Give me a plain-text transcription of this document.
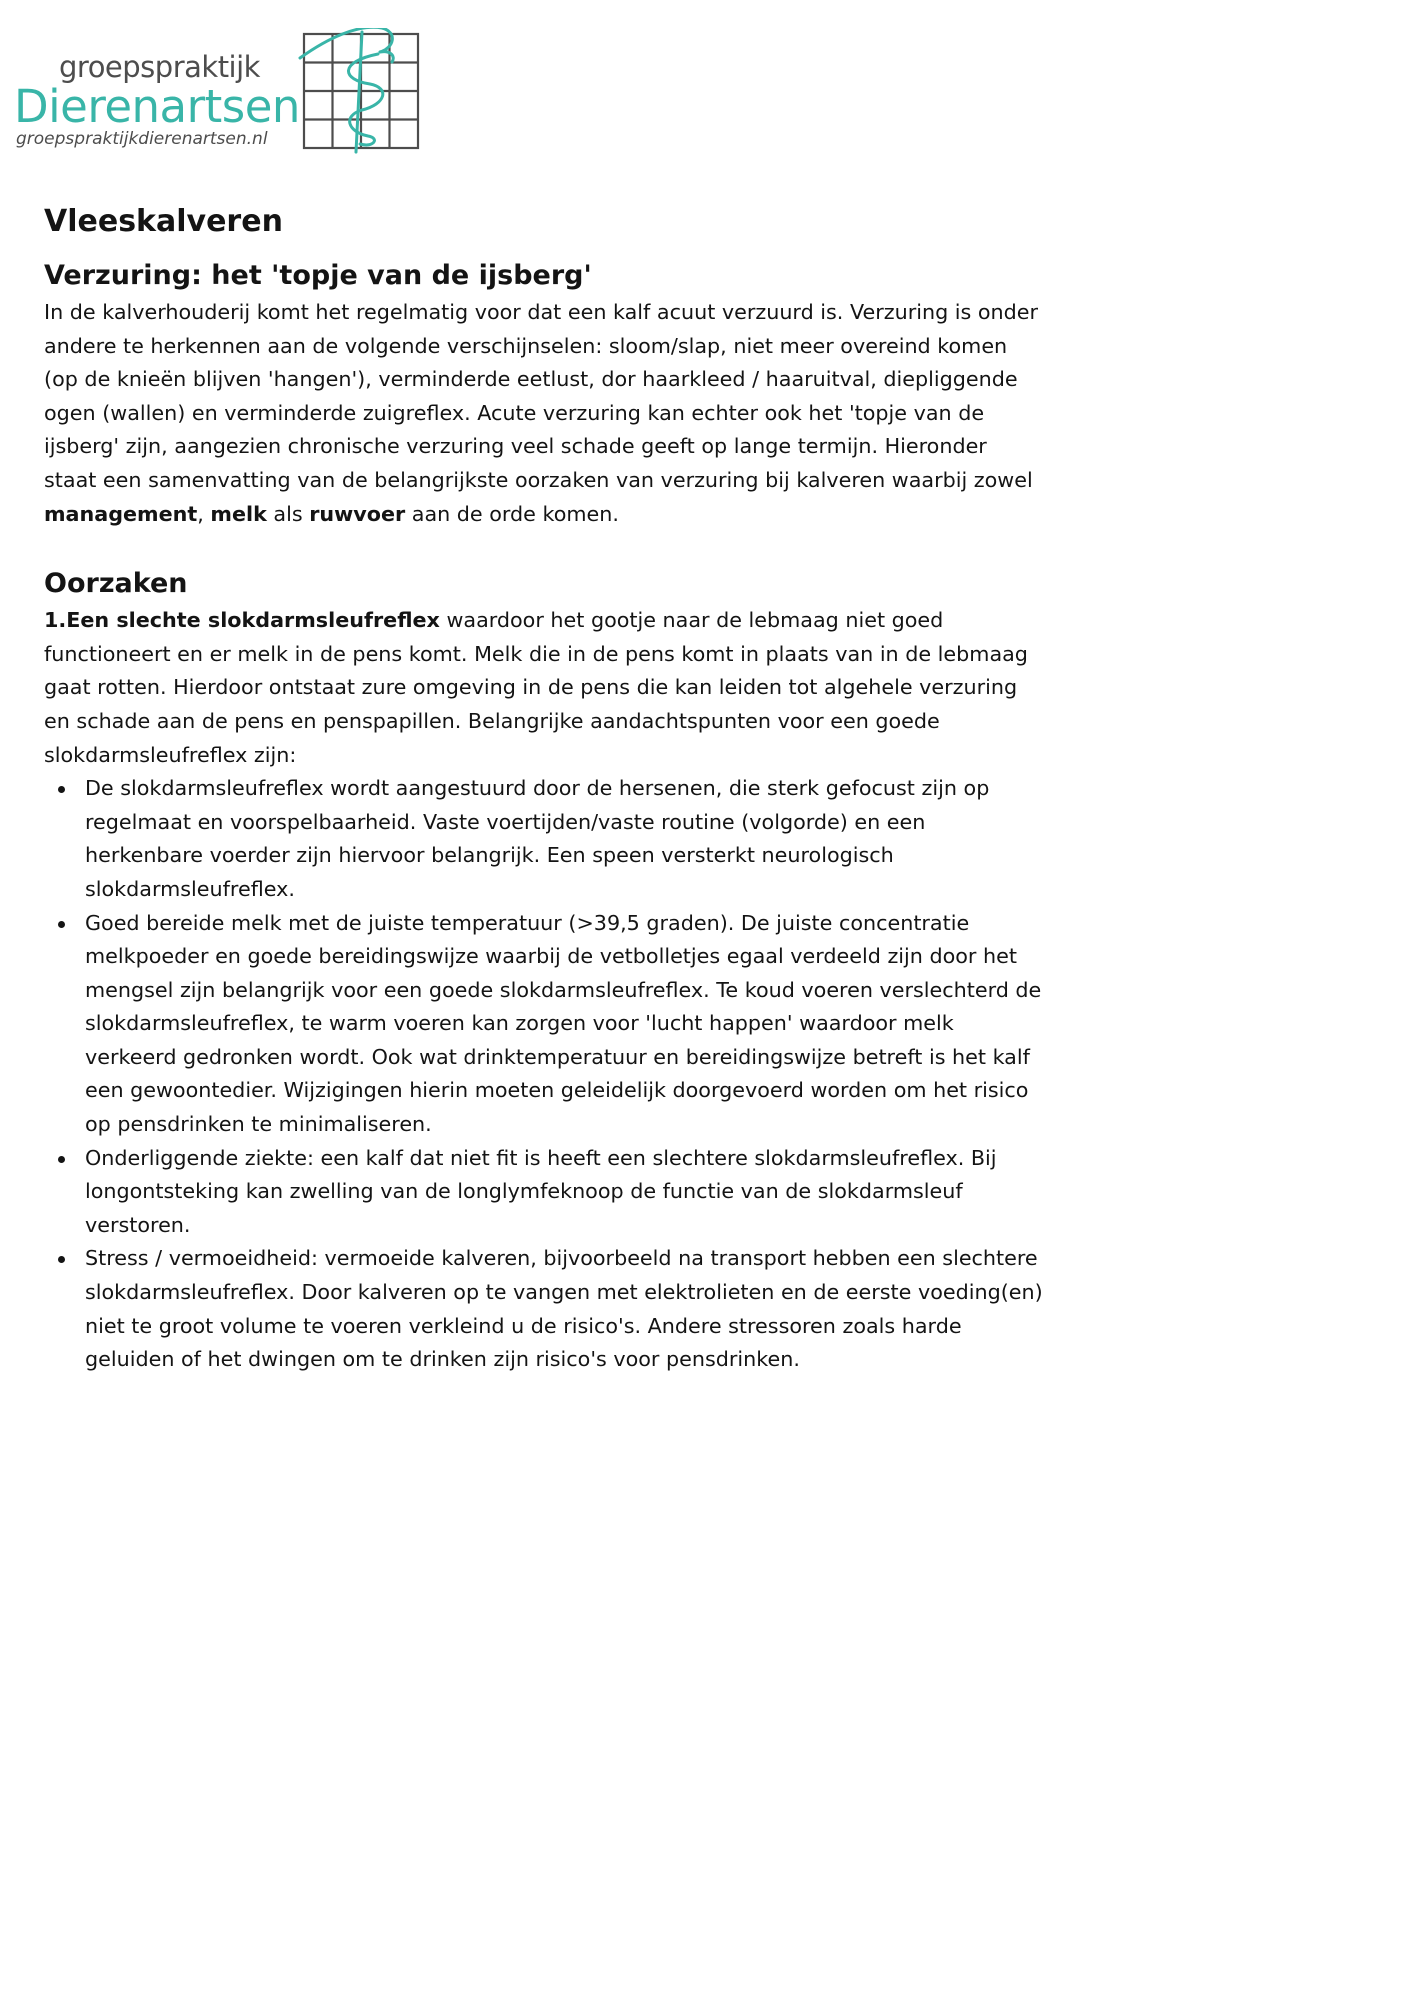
groepspraktijk
Dierenartsen
groepspraktijkdierenartsen.nl
Vleeskalveren
Verzuring: het 'topje van de ijsberg'

In de kalverhouderij komt het regelmatig voor dat een kalf acuut verzuurd is. Verzuring is onder andere te herkennen aan de volgende verschijnselen: sloom/slap, niet meer overeind komen (op de knieën blijven 'hangen'), verminderde eetlust, dor haarkleed / haaruitval, diepliggende ogen (wallen) en verminderde zuigreflex. Acute verzuring kan echter ook het 'topje van de ijsberg' zijn, aangezien chronische verzuring veel schade geeft op lange termijn. Hieronder staat een samenvatting van de belangrijkste oorzaken van verzuring bij kalveren waarbij zowel management, melk als ruwvoer aan de orde komen.

Oorzaken

1.Een slechte slokdarmsleufreflex waardoor het gootje naar de lebmaag niet goed functioneert en er melk in de pens komt. Melk die in de pens komt in plaats van in de lebmaag gaat rotten. Hierdoor ontstaat zure omgeving in de pens die kan leiden tot algehele verzuring en schade aan de pens en penspapillen. Belangrijke aandachtspunten voor een goede slokdarmsleufreflex zijn:

De slokdarmsleufreflex wordt aangestuurd door de hersenen, die sterk gefocust zijn op regelmaat en voorspelbaarheid. Vaste voertijden/vaste routine (volgorde) en een herkenbare voerder zijn hiervoor belangrijk. Een speen versterkt neurologisch slokdarmsleufreflex.
Goed bereide melk met de juiste temperatuur (>39,5 graden). De juiste concentratie melkpoeder en goede bereidingswijze waarbij de vetbolletjes egaal verdeeld zijn door het mengsel zijn belangrijk voor een goede slokdarmsleufreflex. Te koud voeren verslechterd de slokdarmsleufreflex, te warm voeren kan zorgen voor 'lucht happen' waardoor melk verkeerd gedronken wordt. Ook wat drinktemperatuur en bereidingswijze betreft is het kalf een gewoontedier. Wijzigingen hierin moeten geleidelijk doorgevoerd worden om het risico op pensdrinken te minimaliseren.
Onderliggende ziekte: een kalf dat niet fit is heeft een slechtere slokdarmsleufreflex. Bij longontsteking kan zwelling van de longlymfeknoop de functie van de slokdarmsleuf verstoren.
Stress / vermoeidheid: vermoeide kalveren, bijvoorbeeld na transport hebben een slechtere slokdarmsleufreflex. Door kalveren op te vangen met elektrolieten en de eerste voeding(en) niet te groot volume te voeren verkleind u de risico's. Andere stressoren zoals harde geluiden of het dwingen om te drinken zijn risico's voor pensdrinken.
